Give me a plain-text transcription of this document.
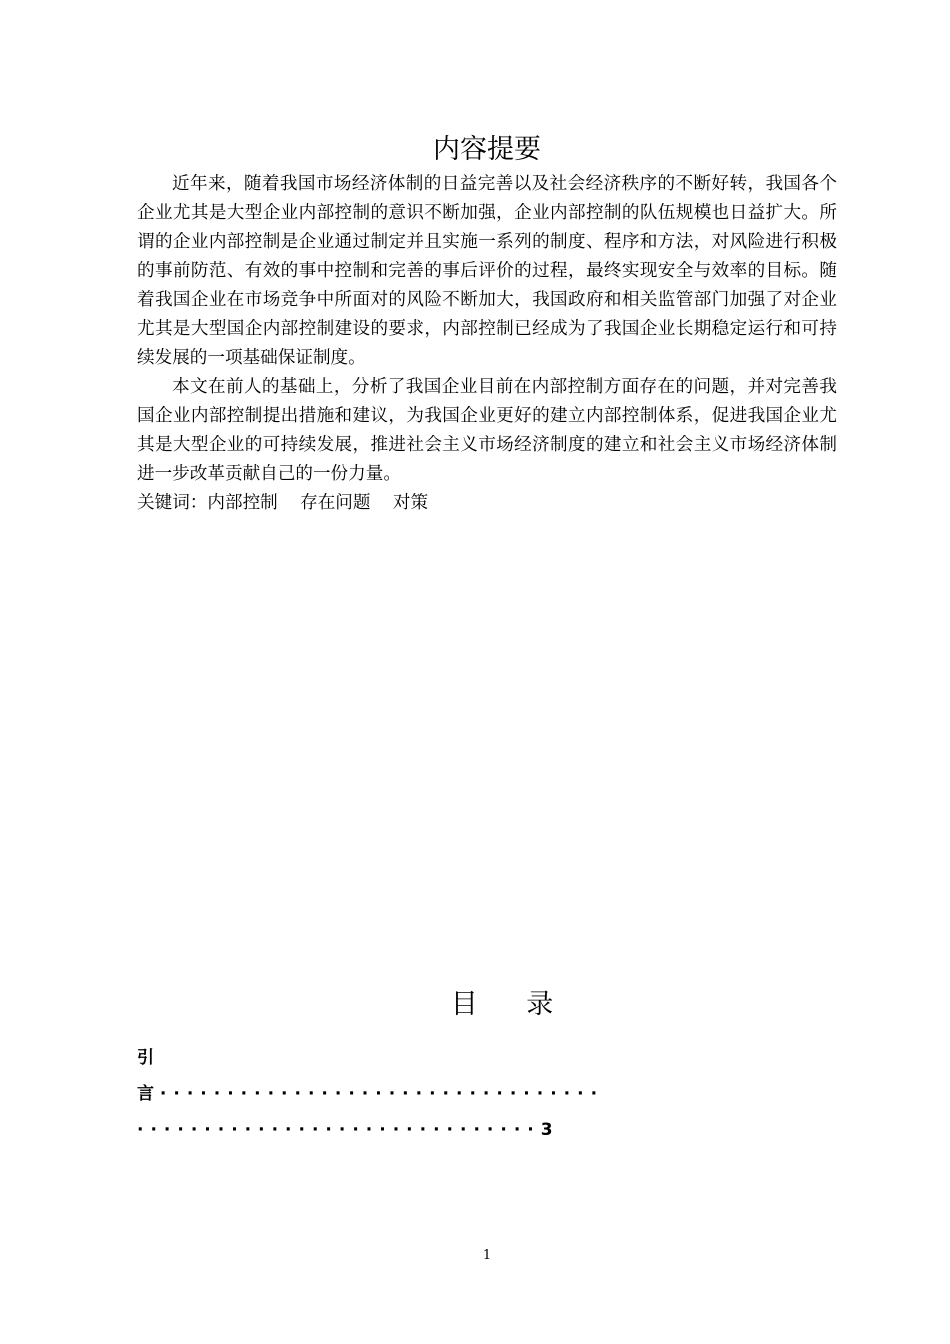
内容提要

近年来，随着我国市场经济体制的日益完善以及社会经济秩序的不断好转，我国各个企业尤其是大型企业内部控制的意识不断加强，企业内部控制的队伍规模也日益扩大。所谓的企业内部控制是企业通过制定并且实施一系列的制度、程序和方法，对风险进行积极的事前防范、有效的事中控制和完善的事后评价的过程，最终实现安全与效率的目标。随着我国企业在市场竞争中所面对的风险不断加大，我国政府和相关监管部门加强了对企业尤其是大型国企内部控制建设的要求，内部控制已经成为了我国企业长期稳定运行和可持续发展的一项基础保证制度。

本文在前人的基础上，分析了我国企业目前在内部控制方面存在的问题，并对完善我国企业内部控制提出措施和建议，为我国企业更好的建立内部控制体系，促进我国企业尤其是大型企业的可持续发展，推进社会主义市场经济制度的建立和社会主义市场经济体制进一步改革贡献自己的一份力量。

关键词：内部控制    存在问题    对策

目 录
引
言 ·································
······························3
1
